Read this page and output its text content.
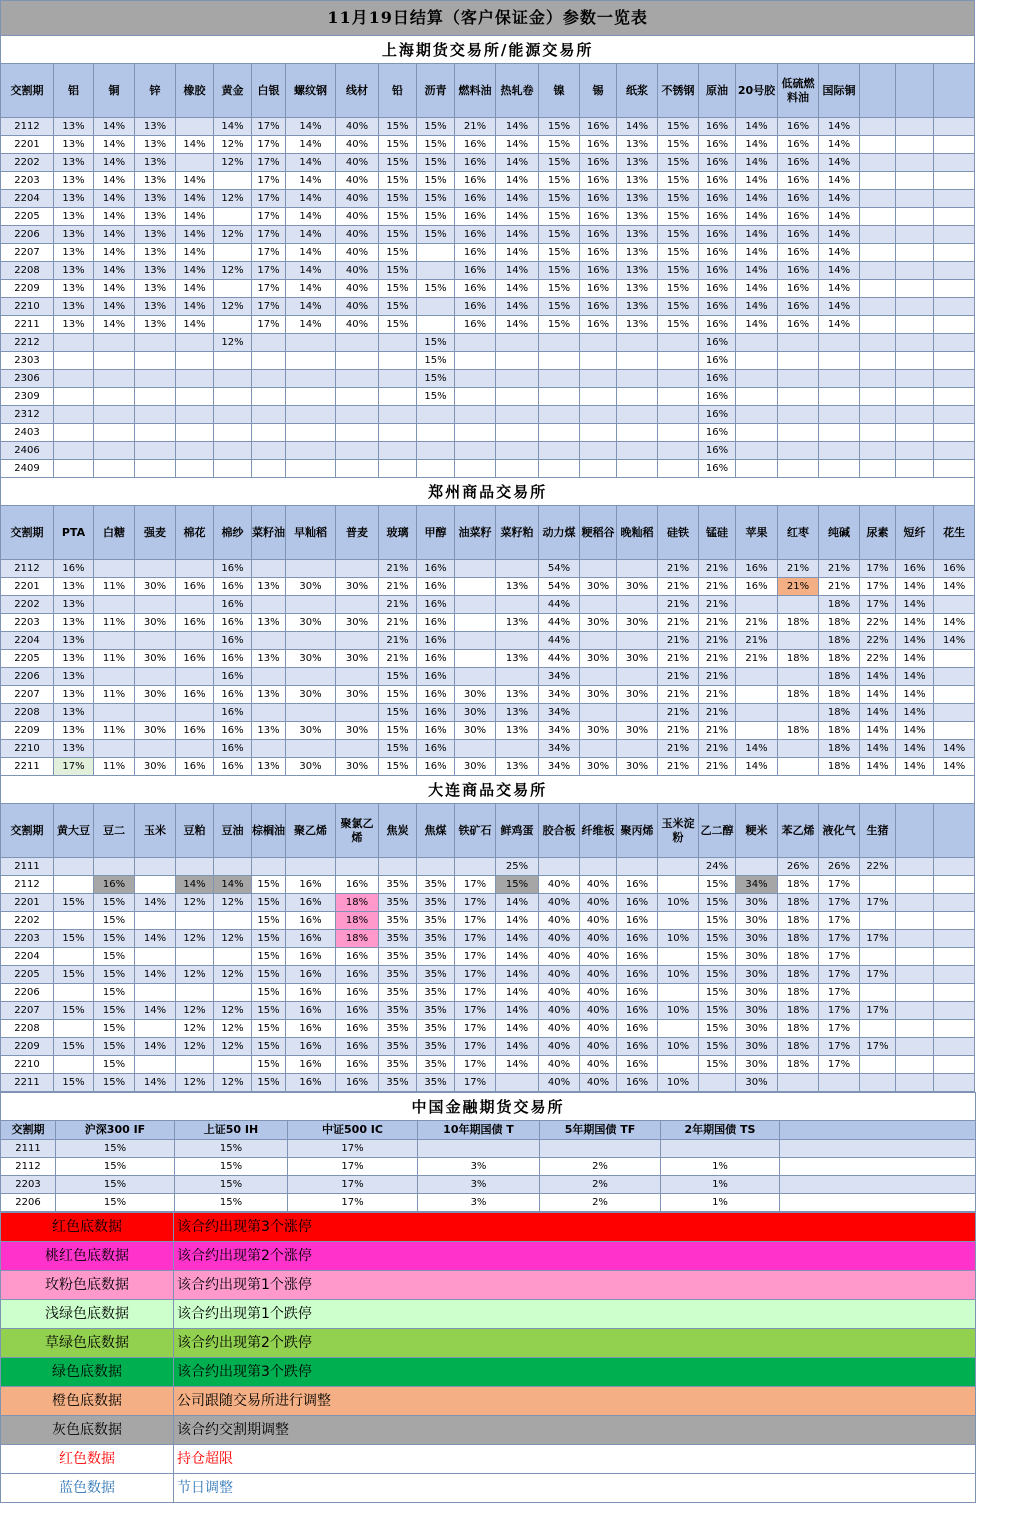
11月19日结算（客户保证金）参数一览表																							
上海期货交易所/能源交易所																							
交割期	铝	铜	锌	橡胶	黄金	白银	螺纹钢	线材	铅	沥青	燃料油	热轧卷	镍	锡	纸浆	不锈钢	原油	20号胶	低硫燃料油	国际铜			
2112	13%	14%	13%		14%	17%	14%	40%	15%	15%	21%	14%	15%	16%	14%	15%	16%	14%	16%	14%			
2201	13%	14%	13%	14%	12%	17%	14%	40%	15%	15%	16%	14%	15%	16%	13%	15%	16%	14%	16%	14%			
2202	13%	14%	13%		12%	17%	14%	40%	15%	15%	16%	14%	15%	16%	13%	15%	16%	14%	16%	14%			
2203	13%	14%	13%	14%		17%	14%	40%	15%	15%	16%	14%	15%	16%	13%	15%	16%	14%	16%	14%			
2204	13%	14%	13%	14%	12%	17%	14%	40%	15%	15%	16%	14%	15%	16%	13%	15%	16%	14%	16%	14%			
2205	13%	14%	13%	14%		17%	14%	40%	15%	15%	16%	14%	15%	16%	13%	15%	16%	14%	16%	14%			
2206	13%	14%	13%	14%	12%	17%	14%	40%	15%	15%	16%	14%	15%	16%	13%	15%	16%	14%	16%	14%			
2207	13%	14%	13%	14%		17%	14%	40%	15%		16%	14%	15%	16%	13%	15%	16%	14%	16%	14%			
2208	13%	14%	13%	14%	12%	17%	14%	40%	15%		16%	14%	15%	16%	13%	15%	16%	14%	16%	14%			
2209	13%	14%	13%	14%		17%	14%	40%	15%	15%	16%	14%	15%	16%	13%	15%	16%	14%	16%	14%			
2210	13%	14%	13%	14%	12%	17%	14%	40%	15%		16%	14%	15%	16%	13%	15%	16%	14%	16%	14%			
2211	13%	14%	13%	14%		17%	14%	40%	15%		16%	14%	15%	16%	13%	15%	16%	14%	16%	14%			
2212					12%					15%							16%						
2303										15%							16%						
2306										15%							16%						
2309										15%							16%						
2312																	16%						
2403																	16%						
2406																	16%						
2409																	16%						
郑州商品交易所																							
交割期	PTA	白糖	强麦	棉花	棉纱	菜籽油	早籼稻	普麦	玻璃	甲醇	油菜籽	菜籽粕	动力煤	粳稻谷	晚籼稻	硅铁	锰硅	苹果	红枣	纯碱	尿素	短纤	花生
2112	16%				16%				21%	16%			54%			21%	21%	16%	21%	21%	17%	16%	16%
2201	13%	11%	30%	16%	16%	13%	30%	30%	21%	16%		13%	54%	30%	30%	21%	21%	16%	21%	21%	17%	14%	14%
2202	13%				16%				21%	16%			44%			21%	21%			18%	17%	14%	
2203	13%	11%	30%	16%	16%	13%	30%	30%	21%	16%		13%	44%	30%	30%	21%	21%	21%	18%	18%	22%	14%	14%
2204	13%				16%				21%	16%			44%			21%	21%	21%		18%	22%	14%	14%
2205	13%	11%	30%	16%	16%	13%	30%	30%	21%	16%		13%	44%	30%	30%	21%	21%	21%	18%	18%	22%	14%	
2206	13%				16%				15%	16%			34%			21%	21%			18%	14%	14%	
2207	13%	11%	30%	16%	16%	13%	30%	30%	15%	16%	30%	13%	34%	30%	30%	21%	21%		18%	18%	14%	14%	
2208	13%				16%				15%	16%	30%	13%	34%			21%	21%			18%	14%	14%	
2209	13%	11%	30%	16%	16%	13%	30%	30%	15%	16%	30%	13%	34%	30%	30%	21%	21%		18%	18%	14%	14%	
2210	13%				16%				15%	16%			34%			21%	21%	14%		18%	14%	14%	14%
2211	17%	11%	30%	16%	16%	13%	30%	30%	15%	16%	30%	13%	34%	30%	30%	21%	21%	14%		18%	14%	14%	14%
大连商品交易所																							
交割期	黄大豆	豆二	玉米	豆粕	豆油	棕榈油	聚乙烯	聚氯乙烯	焦炭	焦煤	铁矿石	鲜鸡蛋	胶合板	纤维板	聚丙烯	玉米淀粉	乙二醇	粳米	苯乙烯	液化气	生猪		
2111												25%					24%		26%	26%	22%		
2112		16%		14%	14%	15%	16%	16%	35%	35%	17%	15%	40%	40%	16%		15%	34%	18%	17%			
2201	15%	15%	14%	12%	12%	15%	16%	18%	35%	35%	17%	14%	40%	40%	16%	10%	15%	30%	18%	17%	17%		
2202		15%				15%	16%	18%	35%	35%	17%	14%	40%	40%	16%		15%	30%	18%	17%			
2203	15%	15%	14%	12%	12%	15%	16%	18%	35%	35%	17%	14%	40%	40%	16%	10%	15%	30%	18%	17%	17%		
2204		15%				15%	16%	16%	35%	35%	17%	14%	40%	40%	16%		15%	30%	18%	17%			
2205	15%	15%	14%	12%	12%	15%	16%	16%	35%	35%	17%	14%	40%	40%	16%	10%	15%	30%	18%	17%	17%		
2206		15%				15%	16%	16%	35%	35%	17%	14%	40%	40%	16%		15%	30%	18%	17%			
2207	15%	15%	14%	12%	12%	15%	16%	16%	35%	35%	17%	14%	40%	40%	16%	10%	15%	30%	18%	17%	17%		
2208		15%		12%	12%	15%	16%	16%	35%	35%	17%	14%	40%	40%	16%		15%	30%	18%	17%			
2209	15%	15%	14%	12%	12%	15%	16%	16%	35%	35%	17%	14%	40%	40%	16%	10%	15%	30%	18%	17%	17%		
2210		15%				15%	16%	16%	35%	35%	17%	14%	40%	40%	16%		15%	30%	18%	17%			
2211	15%	15%	14%	12%	12%	15%	16%	16%	35%	35%	17%		40%	40%	16%	10%		30%					
中国金融期货交易所							
交割期	沪深300 IF	上证50 IH	中证500 IC	10年期国债 T	5年期国债 TF	2年期国债 TS	
2111	15%	15%	17%				
2112	15%	15%	17%	3%	2%	1%	
2203	15%	15%	17%	3%	2%	1%	
2206	15%	15%	17%	3%	2%	1%	
红色底数据	该合约出现第3个涨停
桃红色底数据	该合约出现第2个涨停
玫粉色底数据	该合约出现第1个涨停
浅绿色底数据	该合约出现第1个跌停
草绿色底数据	该合约出现第2个跌停
绿色底数据	该合约出现第3个跌停
橙色底数据	公司跟随交易所进行调整
灰色底数据	该合约交割期调整
红色数据	持仓超限
蓝色数据	节日调整
